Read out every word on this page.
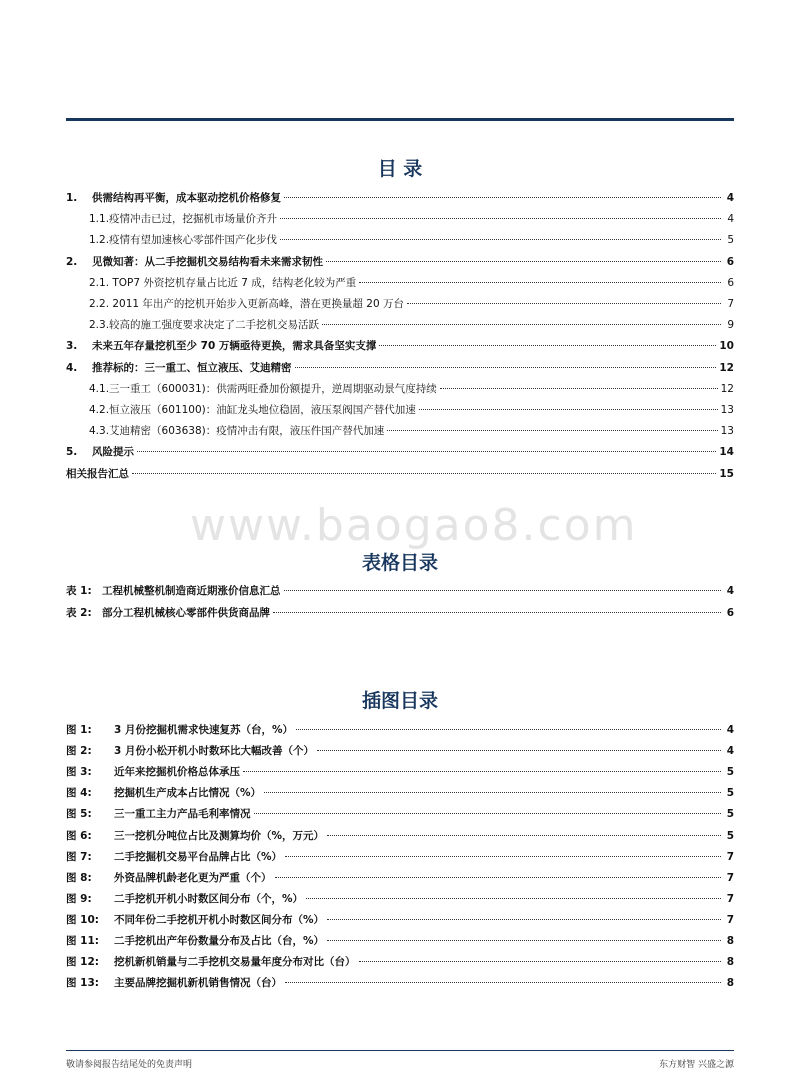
目 录
1.	供需结构再平衡，成本驱动挖机价格修复	4
1.1.疫情冲击已过，挖掘机市场量价齐升	4
1.2.疫情有望加速核心零部件国产化步伐	5
2.	见微知著：从二手挖掘机交易结构看未来需求韧性	6
2.1. TOP7 外资挖机存量占比近 7 成，结构老化较为严重	6
2.2. 2011 年出产的挖机开始步入更新高峰，潜在更换量超 20 万台	7
2.3.较高的施工强度要求决定了二手挖机交易活跃	9
3.	未来五年存量挖机至少 70 万辆亟待更换，需求具备坚实支撑	10
4.	推荐标的：三一重工、恒立液压、艾迪精密	12
4.1.三一重工（600031)：供需两旺叠加份额提升，逆周期驱动景气度持续	12
4.2.恒立液压（601100)：油缸龙头地位稳固，液压泵阀国产替代加速	13
4.3.艾迪精密（603638)：疫情冲击有限，液压件国产替代加速	13
5.	风险提示	14
相关报告汇总	15
www.baogao8.com
表格目录
表 1: 工程机械整机制造商近期涨价信息汇总	4
表 2: 部分工程机械核心零部件供货商品牌	6
插图目录
图 1:	3 月份挖掘机需求快速复苏（台，%）	4
图 2:	3 月份小松开机小时数环比大幅改善（个）	4
图 3:	近年来挖掘机价格总体承压	5
图 4:	挖掘机生产成本占比情况（%）	5
图 5:	三一重工主力产品毛利率情况	5
图 6:	三一挖机分吨位占比及测算均价（%，万元）	5
图 7:	二手挖掘机交易平台品牌占比（%）	7
图 8:	外资品牌机龄老化更为严重（个）	7
图 9:	二手挖机开机小时数区间分布（个，%）	7
图 10:	不同年份二手挖机开机小时数区间分布（%）	7
图 11:	二手挖机出产年份数量分布及占比（台，%）	8
图 12:	挖机新机销量与二手挖机交易量年度分布对比（台）	8
图 13:	主要品牌挖掘机新机销售情况（台）	8
敬请参阅报告结尾处的免责声明	东方财智 兴盛之源
